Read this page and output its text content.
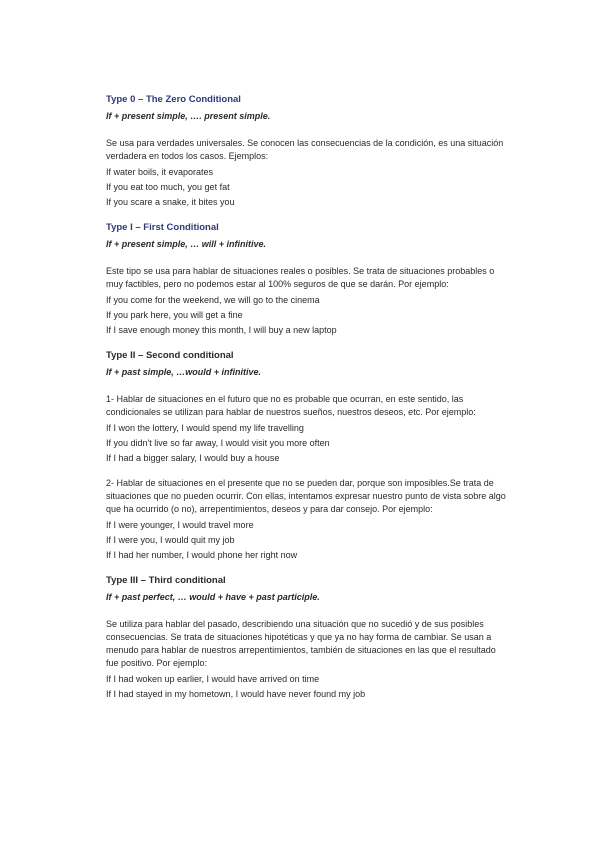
Type 0 – The Zero Conditional
If + present simple, …. present simple.
Se usa para verdades universales. Se conocen las consecuencias de la condición, es una situación verdadera en todos los casos. Ejemplos:
If water boils, it evaporates
If you eat too much, you get fat
If you scare a snake, it bites you
Type I – First Conditional
If + present simple, … will + infinitive.
Este tipo se usa para hablar de situaciones reales o posibles. Se trata de situaciones probables o muy factibles, pero no podemos estar al 100% seguros de que se darán. Por ejemplo:
If you come for the weekend, we will go to the cinema
If you park here, you will get a fine
If I save enough money this month, I will buy a new laptop
Type II – Second conditional
If + past simple, …would + infinitive.
1- Hablar de situaciones en el futuro que no es probable que ocurran, en este sentido, las condicionales se utilizan para hablar de nuestros sueños, nuestros deseos, etc. Por ejemplo:
If I won the lottery, I would spend my life travelling
If you didn't live so far away, I would visit you more often
If I had a bigger salary, I would buy a house
2- Hablar de situaciones en el presente que no se pueden dar, porque son imposibles.Se trata de situaciones que no pueden ocurrir. Con ellas, intentamos expresar nuestro punto de vista sobre algo que ha ocurrido (o no), arrepentimientos, deseos y para dar consejo. Por ejemplo:
If I were younger, I would travel more
If I were you, I would quit my job
If I had her number, I would phone her right now
Type III – Third conditional
If + past perfect, … would + have + past participle.
Se utiliza para hablar del pasado, describiendo una situación que no sucedió y de sus posibles consecuencias. Se trata de situaciones hipotéticas y que ya no hay forma de cambiar. Se usan a menudo para hablar de nuestros arrepentimientos, también de situaciones en las que el resultado fue positivo. Por ejemplo:
If I had woken up earlier, I would have arrived on time
If I had stayed in my hometown, I would have never found my job
